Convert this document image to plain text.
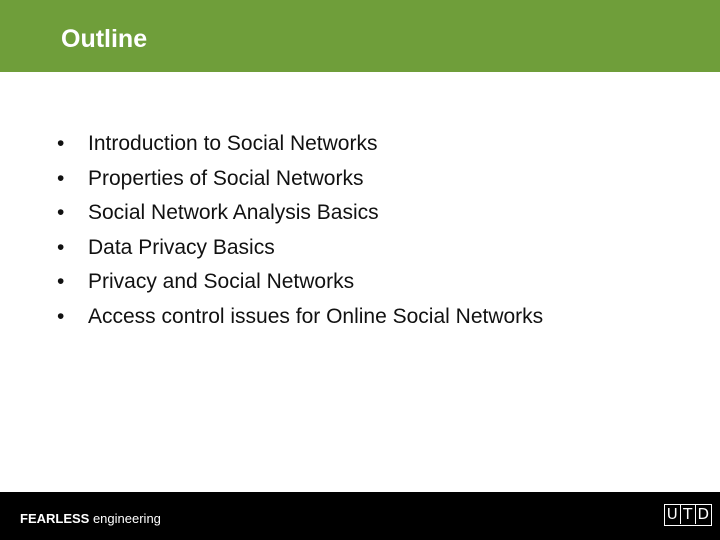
Outline
• Introduction to Social Networks
• Properties of Social Networks
• Social Network Analysis Basics
• Data Privacy Basics
• Privacy and Social Networks
• Access control issues for Online Social Networks
FEARLESS engineering	U T D
